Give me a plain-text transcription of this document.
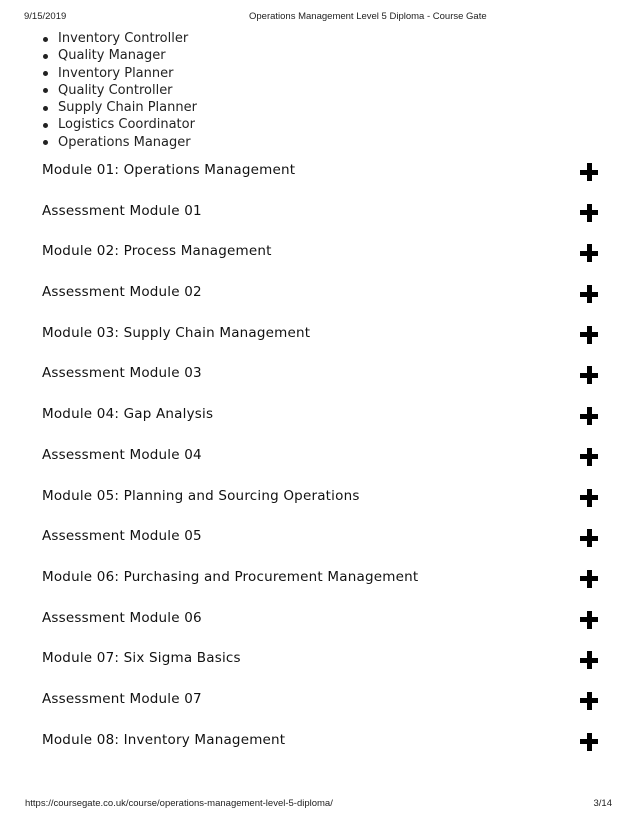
9/15/2019	Operations Management Level 5 Diploma - Course Gate
Inventory Controller
Quality Manager
Inventory Planner
Quality Controller
Supply Chain Planner
Logistics Coordinator
Operations Manager
Module 01: Operations Management
Assessment Module 01
Module 02: Process Management
Assessment Module 02
Module 03: Supply Chain Management
Assessment Module 03
Module 04: Gap Analysis
Assessment Module 04
Module 05: Planning and Sourcing Operations
Assessment Module 05
Module 06: Purchasing and Procurement Management
Assessment Module 06
Module 07: Six Sigma Basics
Assessment Module 07
Module 08: Inventory Management
https://coursegate.co.uk/course/operations-management-level-5-diploma/	3/14
